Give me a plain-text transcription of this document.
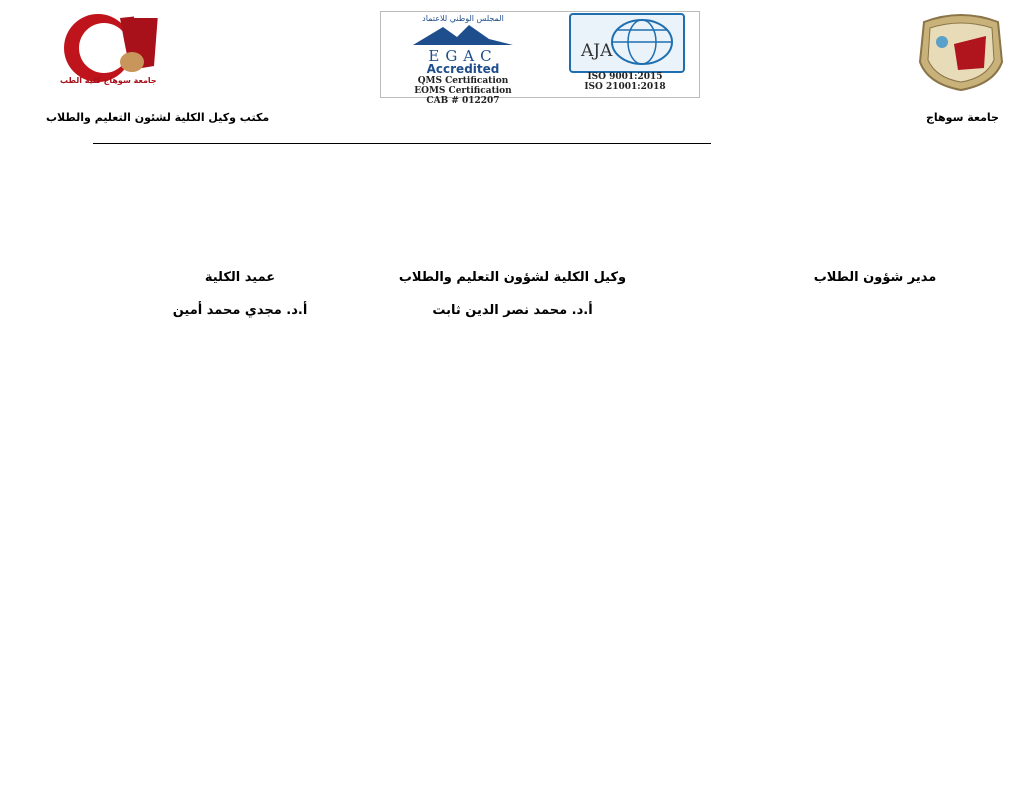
جامعة سوهاج كلية الطب
مكتب وكيل الكلية لشئون التعليم والطلاب
المجلس الوطني للاعتماد
EGAC
Accredited
QMS Certification
EOMS Certification
CAB # 012207
AJA
ISO 9001:2015
ISO 21001:2018
جامعة سوهاج
مدير شؤون الطلاب
وكيل الكلية لشؤون التعليم والطلاب
أ.د. محمد نصر الدين ثابت
عميد الكلية
أ.د. مجدي محمد أمين
